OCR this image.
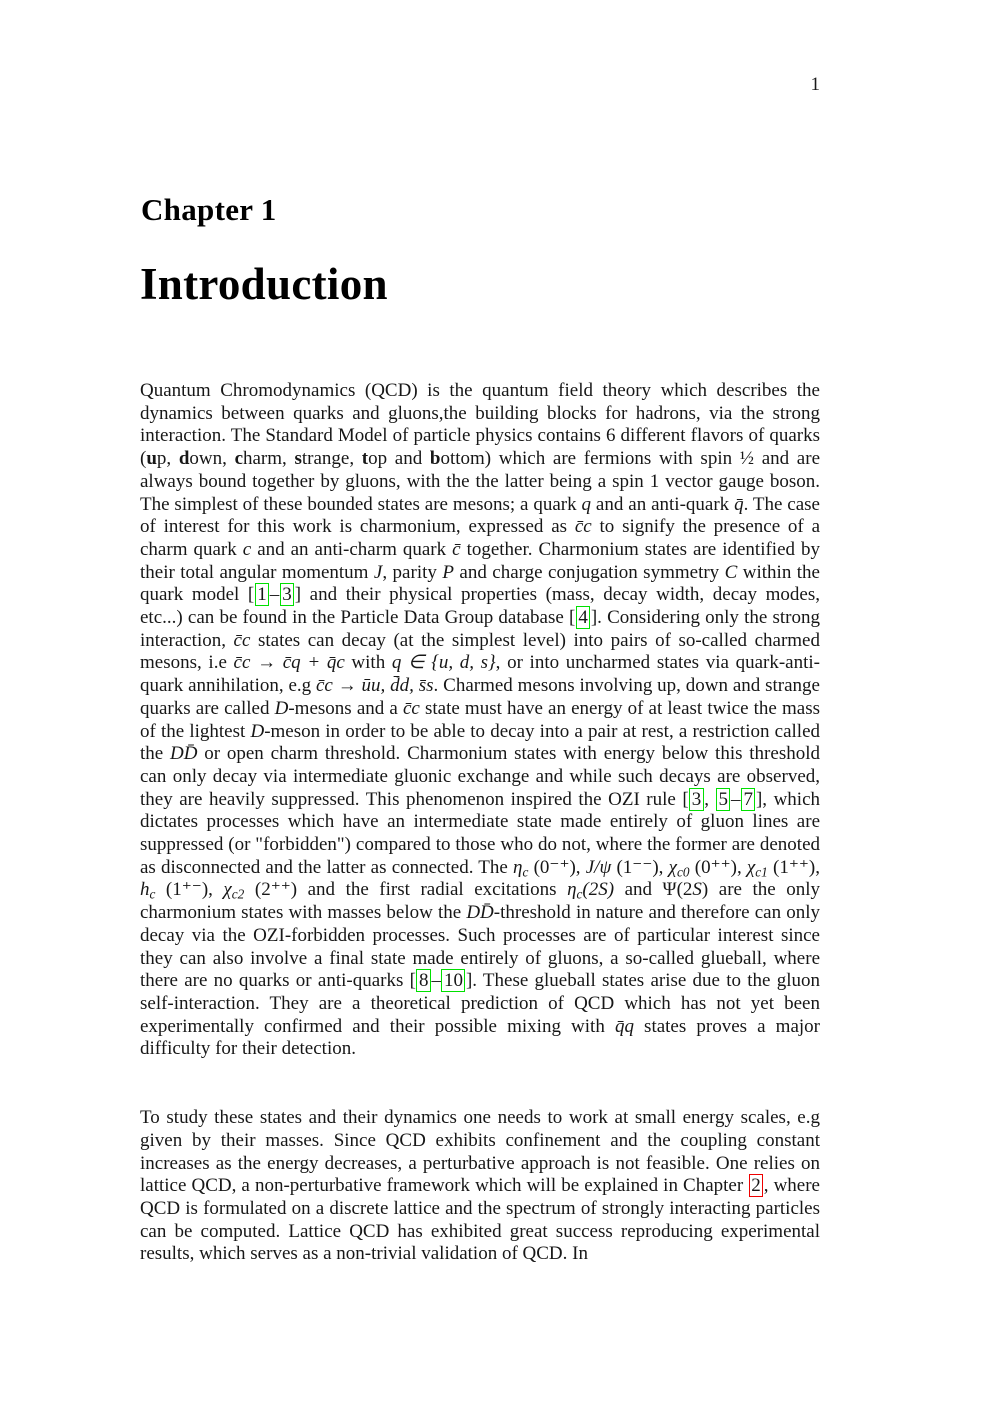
1
Chapter 1
Introduction

Quantum Chromodynamics (QCD) is the quantum field theory which describes the dynamics between quarks and gluons,the building blocks for hadrons, via the strong interaction. The Standard Model of particle physics contains 6 different flavors of quarks (up, down, charm, strange, top and bottom) which are fermions with spin ½ and are always bound together by gluons, with the the latter being a spin 1 vector gauge boson. The simplest of these bounded states are mesons; a quark q and an anti-quark q̄. The case of interest for this work is charmonium, expressed as c̄c to signify the presence of a charm quark c and an anti-charm quark c̄ together. Charmonium states are identified by their total angular momentum J, parity P and charge conjugation symmetry C within the quark model [ 1 – 3 ] and their physical properties (mass, decay width, decay modes, etc...) can be found in the Particle Data Group database [ 4 ]. Considering only the strong interaction, c̄c states can decay (at the simplest level) into pairs of so-called charmed mesons, i.e c̄c → c̄q + q̄c with q ∈ {u, d, s}, or into uncharmed states via quark-anti-quark annihilation, e.g c̄c → ūu, d̄d, s̄s. Charmed mesons involving up, down and strange quarks are called D-mesons and a c̄c state must have an energy of at least twice the mass of the lightest D-meson in order to be able to decay into a pair at rest, a restriction called the DD̄ or open charm threshold. Charmonium states with energy below this threshold can only decay via intermediate gluonic exchange and while such decays are observed, they are heavily suppressed. This phenomenon inspired the OZI rule [ 3 , 5 – 7 ], which dictates processes which have an intermediate state made entirely of gluon lines are suppressed (or "forbidden") compared to those who do not, where the former are denoted as disconnected and the latter as connected. The ηc (0⁻⁺), J/ψ (1⁻⁻), χc0 (0⁺⁺), χc1 (1⁺⁺), hc (1⁺⁻), χc2 (2⁺⁺) and the first radial excitations ηc(2S) and Ψ(2S) are the only charmonium states with masses below the DD̄-threshold in nature and therefore can only decay via the OZI-forbidden processes. Such processes are of particular interest since they can also involve a final state made entirely of gluons, a so-called glueball, where there are no quarks or anti-quarks [ 8 – 10 ]. These glueball states arise due to the gluon self-interaction. They are a theoretical prediction of QCD which has not yet been experimentally confirmed and their possible mixing with q̄q states proves a major difficulty for their detection.

To study these states and their dynamics one needs to work at small energy scales, e.g given by their masses. Since QCD exhibits confinement and the coupling constant increases as the energy decreases, a perturbative approach is not feasible. One relies on lattice QCD, a non-perturbative framework which will be explained in Chapter 2 , where QCD is formulated on a discrete lattice and the spectrum of strongly interacting particles can be computed. Lattice QCD has exhibited great success reproducing experimental results, which serves as a non-trivial validation of QCD. In
